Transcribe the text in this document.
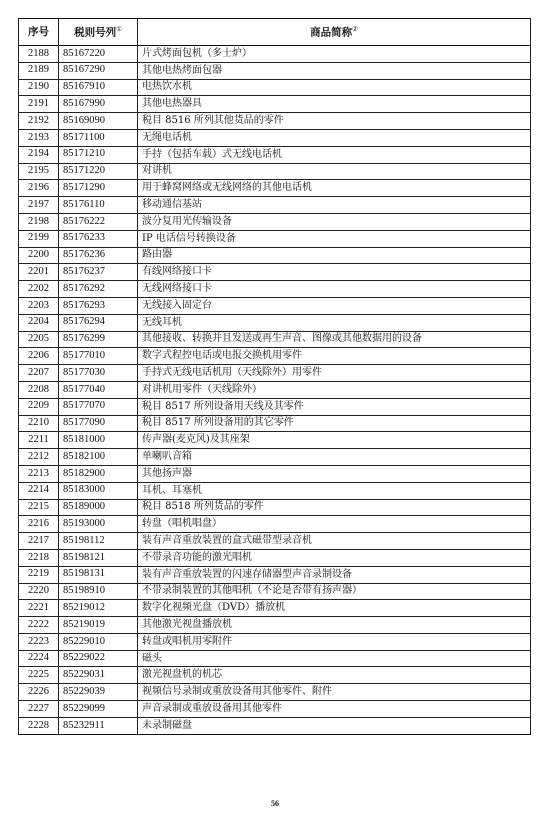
序号	税则号列①	商品简称②
2188	85167220	片式烤面包机（多士炉）
2189	85167290	其他电热烤面包器
2190	85167910	电热饮水机
2191	85167990	其他电热器具
2192	85169090	税目 8516 所列其他货品的零件
2193	85171100	无绳电话机
2194	85171210	手持（包括车载）式无线电话机
2195	85171220	对讲机
2196	85171290	用于蜂窝网络或无线网络的其他电话机
2197	85176110	移动通信基站
2198	85176222	波分复用光传输设备
2199	85176233	IP 电话信号转换设备
2200	85176236	路由器
2201	85176237	有线网络接口卡
2202	85176292	无线网络接口卡
2203	85176293	无线接入固定台
2204	85176294	无线耳机
2205	85176299	其他接收、转换并且发送或再生声音、图像或其他数据用的设备
2206	85177010	数字式程控电话或电报交换机用零件
2207	85177030	手持式无线电话机用（天线除外）用零件
2208	85177040	对讲机用零件（天线除外）
2209	85177070	税目 8517 所列设备用天线及其零件
2210	85177090	税目 8517 所列设备用的其它零件
2211	85181000	传声器(麦克风)及其座架
2212	85182100	单喇叭音箱
2213	85182900	其他扬声器
2214	85183000	耳机、耳塞机
2215	85189000	税目 8518 所列货品的零件
2216	85193000	转盘（唱机唱盘）
2217	85198112	装有声音重放装置的盒式磁带型录音机
2218	85198121	不带录音功能的激光唱机
2219	85198131	装有声音重放装置的闪速存储器型声音录制设备
2220	85198910	不带录制装置的其他唱机（不论是否带有扬声器）
2221	85219012	数字化视频光盘（DVD）播放机
2222	85219019	其他激光视盘播放机
2223	85229010	转盘或唱机用零附件
2224	85229022	磁头
2225	85229031	激光视盘机的机芯
2226	85229039	视频信号录制或重放设备用其他零件、附件
2227	85229099	声音录制或重放设备用其他零件
2228	85232911	未录制磁盘
56
